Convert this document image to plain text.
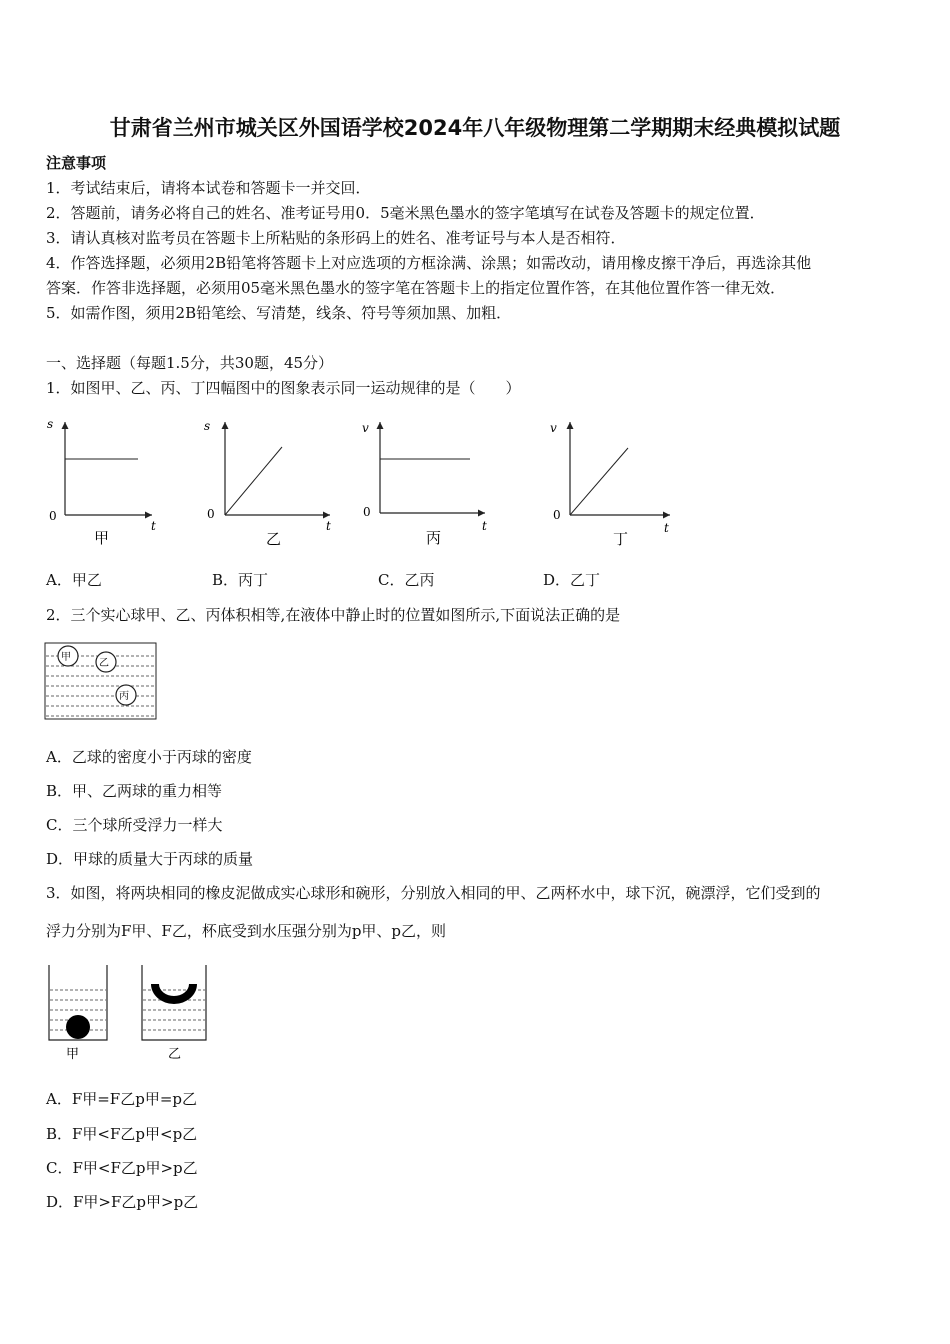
甘肃省兰州市城关区外国语学校2024年八年级物理第二学期期末经典模拟试题
注意事项
1．考试结束后，请将本试卷和答题卡一并交回．
2．答题前，请务必将自己的姓名、准考证号用0．5毫米黑色墨水的签字笔填写在试卷及答题卡的规定位置．
3．请认真核对监考员在答题卡上所粘贴的条形码上的姓名、准考证号与本人是否相符．
4．作答选择题，必须用2B铅笔将答题卡上对应选项的方框涂满、涂黑；如需改动，请用橡皮擦干净后，再选涂其他
答案．作答非选择题，必须用05毫米黑色墨水的签字笔在答题卡上的指定位置作答，在其他位置作答一律无效．
5．如需作图，须用2B铅笔绘、写清楚，线条、符号等须加黑、加粗．
一、选择题（每题1.5分，共30题，45分）
1．如图甲、乙、丙、丁四幅图中的图象表示同一运动规律的是（　　）
s
t
0
甲
s
t
0
乙
v
t
0
丙
v
t
0
丁
A．甲乙	B．丙丁	C．乙丙	D．乙丁
2．三个实心球甲、乙、丙体积相等,在液体中静止时的位置如图所示,下面说法正确的是
甲
乙
丙
A．乙球的密度小于丙球的密度
B．甲、乙两球的重力相等
C．三个球所受浮力一样大
D．甲球的质量大于丙球的质量
3．如图，将两块相同的橡皮泥做成实心球形和碗形，分别放入相同的甲、乙两杯水中，球下沉，碗漂浮，它们受到的
浮力分别为F甲、F乙，杯底受到水压强分别为p甲、p乙，则
甲	乙
A．F甲=F乙p甲=p乙
B．F甲<F乙p甲<p乙
C．F甲<F乙p甲>p乙
D．F甲>F乙p甲>p乙
